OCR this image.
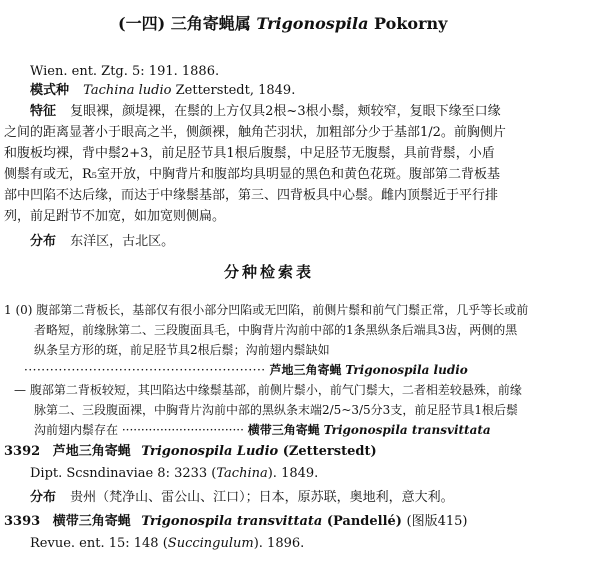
(一四) 三角寄蝇属 Trigonospila Pokorny
Wien. ent. Ztg. 5: 191. 1886.
模式种 Tachina ludio Zetterstedt, 1849.
特征 复眼裸，颜堤裸，在鬃的上方仅具2根~3根小鬃，颊较窄，复眼下缘至口缘
之间的距离显著小于眼高之半，侧颜裸，触角芒羽状，加粗部分少于基部1/2。前胸侧片
和腹板均裸，背中鬃2+3，前足胫节具1根后腹鬃，中足胫节无腹鬃，具前背鬃，小盾
侧鬃有或无，R₅室开放，中胸背片和腹部均具明显的黑色和黄色花斑。腹部第二背板基
部中凹陷不达后缘，而达于中缘鬃基部，第三、四背板具中心鬃。雌内顶鬃近于平行排
列，前足跗节不加宽，如加宽则侧扁。
分布 东洋区，古北区。
分种检索表
1 (0) 腹部第二背板长，基部仅有很小部分凹陷或无凹陷，前侧片鬃和前气门鬃正常，几乎等长或前
者略短，前缘脉第二、三段腹面具毛，中胸背片沟前中部的1条黑纵条后端具3齿，两侧的黑
纵条呈方形的斑，前足胫节具2根后鬃；沟前翅内鬃缺如
························································ 芦地三角寄蝇 Trigonospila ludio
— 腹部第二背板较短，其凹陷达中缘鬃基部，前侧片鬃小，前气门鬃大，二者相差较悬殊，前缘
脉第二、三段腹面裸，中胸背片沟前中部的黑纵条末端2/5~3/5分3支，前足胫节具1根后鬃
沟前翅内鬃存在 ································ 横带三角寄蝇 Trigonospila transvittata
3392 芦地三角寄蝇 Trigonospila Ludio (Zetterstedt)
Dipt. Scsndinaviae 8: 3233 (Tachina). 1849.
分布 贵州（梵净山、雷公山、江口）；日本，原苏联，奥地利，意大利。
3393 横带三角寄蝇 Trigonospila transvittata (Pandellé) (图版415)
Revue. ent. 15: 148 (Succingulum). 1896.
